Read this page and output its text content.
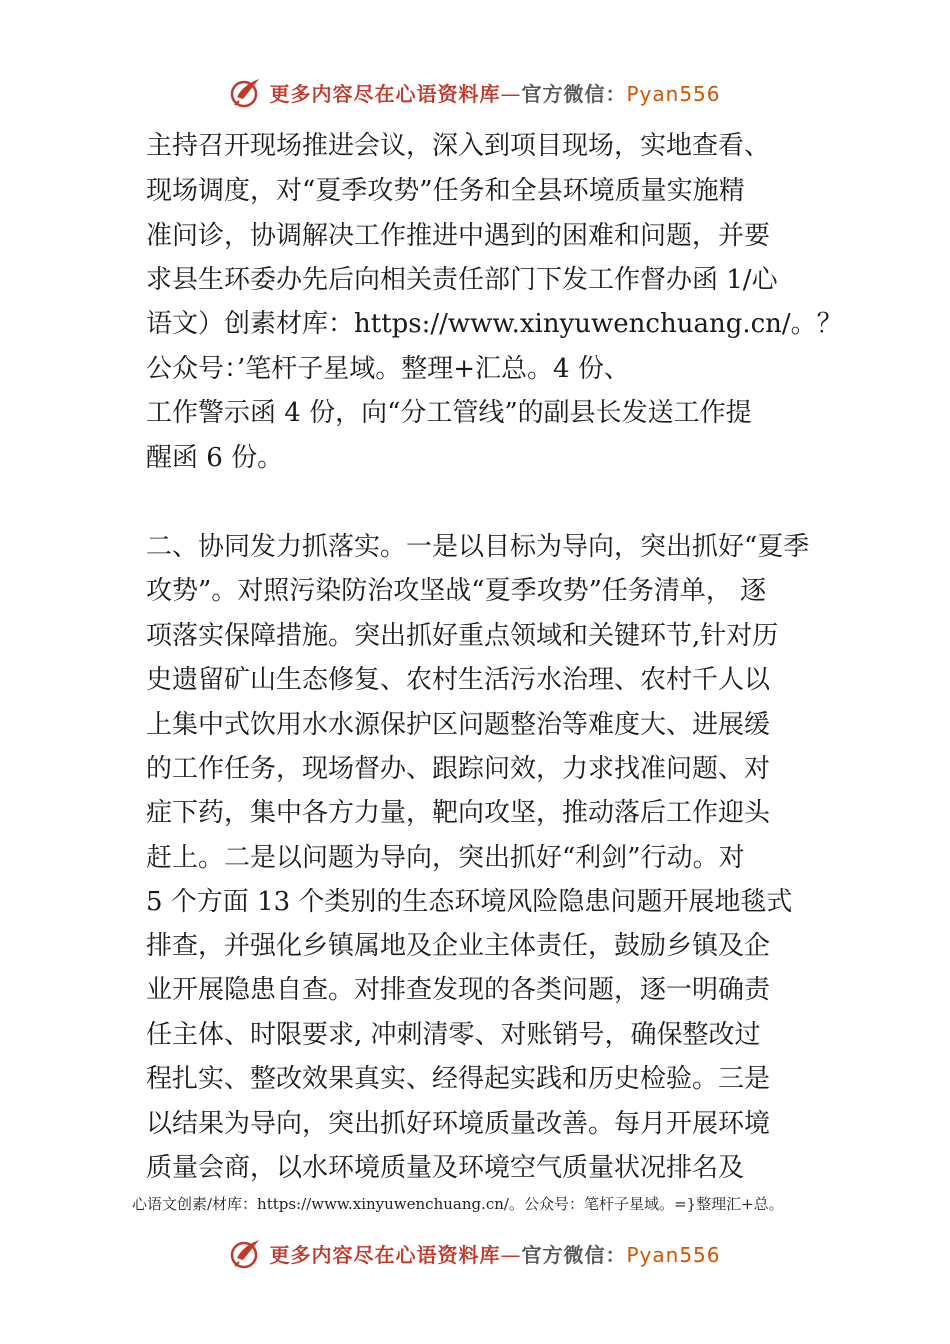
更多内容尽在心语资料库—官方微信：Pyan556
主持召开现场推进会议，深入到项目现场，实地查看、
现场调度，对“夏季攻势”任务和全县环境质量实施精
准问诊，协调解决工作推进中遇到的困难和问题，并要
求县生环委办先后向相关责任部门下发工作督办函 1/心
语文）创素材库：https://www.xinyuwenchuang.cn/。？
公众号：’笔杆子星域。整理+汇总。4 份、
工作警示函 4 份，向“分工管线”的副县长发送工作提
醒函 6 份。
二、协同发力抓落实。一是以目标为导向，突出抓好“夏季
攻势”。对照污染防治攻坚战“夏季攻势”任务清单， 逐
项落实保障措施。突出抓好重点领域和关键环节,针对历
史遗留矿山生态修复、农村生活污水治理、农村千人以
上集中式饮用水水源保护区问题整治等难度大、进展缓
的工作任务，现场督办、跟踪问效，力求找准问题、对
症下药，集中各方力量，靶向攻坚，推动落后工作迎头
赶上。二是以问题为导向，突出抓好“利剑”行动。对
5 个方面 13 个类别的生态环境风险隐患问题开展地毯式
排查，并强化乡镇属地及企业主体责任，鼓励乡镇及企
业开展隐患自查。对排查发现的各类问题，逐一明确责
任主体、时限要求, 冲刺清零、对账销号，确保整改过
程扎实、整改效果真实、经得起实践和历史检验。三是
以结果为导向，突出抓好环境质量改善。每月开展环境
质量会商，以水环境质量及环境空气质量状况排名及
心语文创素/材库：https://www.xinyuwenchuang.cn/。公众号：笔杆子星域。=}整理汇+总。
更多内容尽在心语资料库—官方微信：Pyan556
